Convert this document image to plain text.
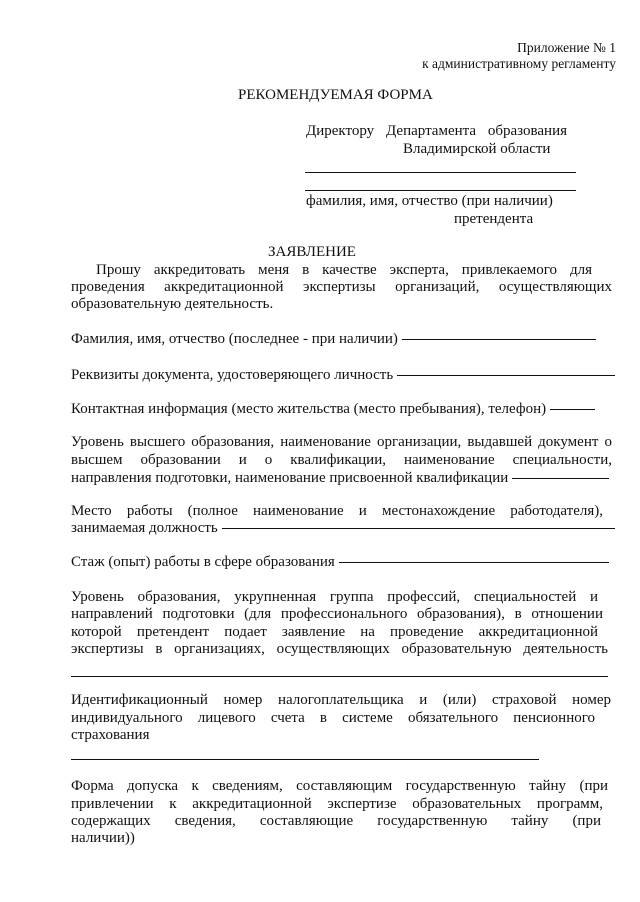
Приложение № 1
к административному регламенту
РЕКОМЕНДУЕМАЯ ФОРМА
Директору Департамента образования
Владимирской области
фамилия, имя, отчество (при наличии)
претендента
ЗАЯВЛЕНИЕ
Прошу аккредитовать меня в качестве эксперта, привлекаемого для
проведения аккредитационной экспертизы организаций, осуществляющих
образовательную деятельность.
Фамилия, имя, отчество (последнее - при наличии)
Реквизиты документа, удостоверяющего личность
Контактная информация (место жительства (место пребывания), телефон)
Уровень высшего образования, наименование организации, выдавшей документ о
высшем образовании и о квалификации, наименование специальности,
направления подготовки, наименование присвоенной квалификации
Место работы (полное наименование и местонахождение работодателя),
занимаемая должность
Стаж (опыт) работы в сфере образования
Уровень образования, укрупненная группа профессий, специальностей и
направлений подготовки (для профессионального образования), в отношении
которой претендент подает заявление на проведение аккредитационной
экспертизы в организациях, осуществляющих образовательную деятельность
Идентификационный номер налогоплательщика и (или) страховой номер
индивидуального лицевого счета в системе обязательного пенсионного
страхования
Форма допуска к сведениям, составляющим государственную тайну (при
привлечении к аккредитационной экспертизе образовательных программ,
содержащих сведения, составляющие государственную тайну (при
наличии))
